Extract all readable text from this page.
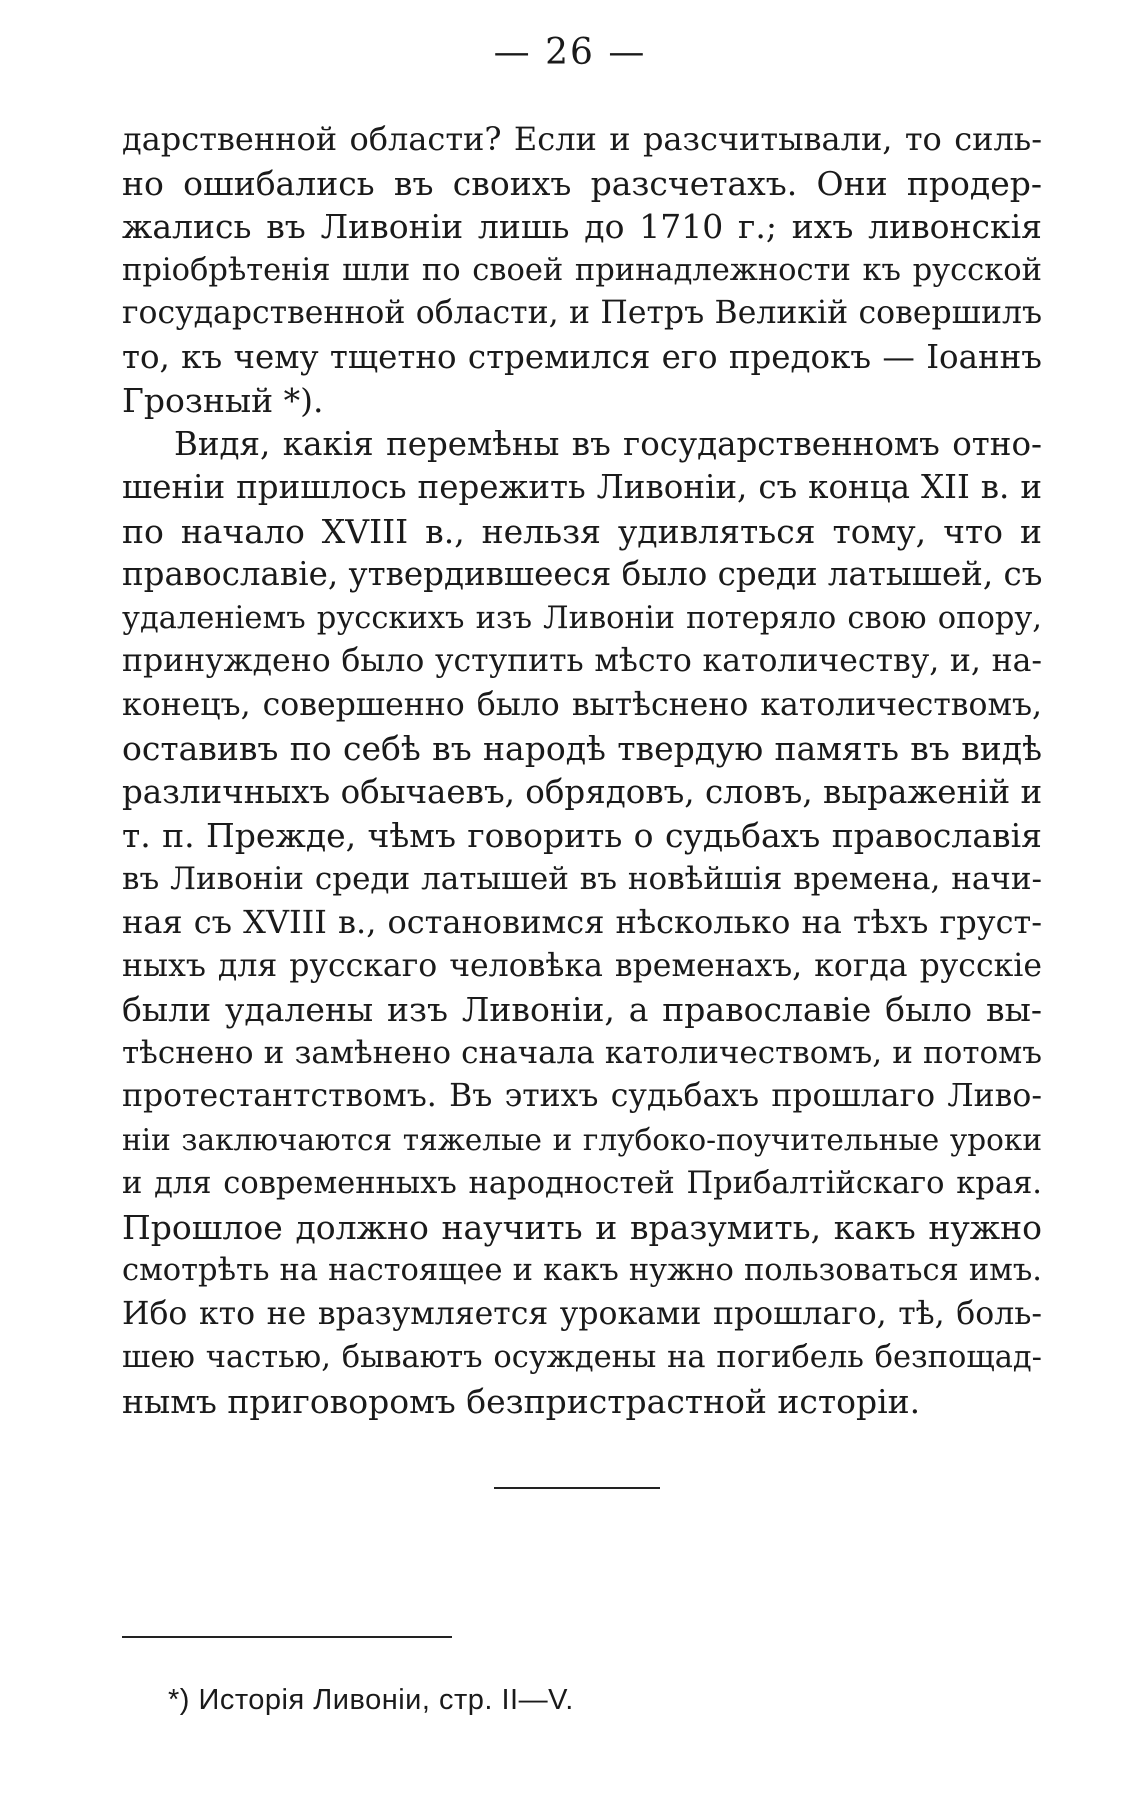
— 26 —
дарственной области? Если и разсчитывали, то силь-
но ошибались въ своихъ разсчетахъ. Они продер-
жались въ Ливоніи лишь до 1710 г.; ихъ ливонскія
пріобрѣтенія шли по своей принадлежности къ русской
государственной области, и Петръ Великій совершилъ
то, къ чему тщетно стремился его предокъ — Іоаннъ
Грозный *).
Видя, какія перемѣны въ государственномъ отно-
шеніи пришлось пережить Ливоніи, съ конца XII в. и
по начало XVIII в., нельзя удивляться тому, что и
православіе, утвердившееся было среди латышей, съ
удаленіемъ русскихъ изъ Ливоніи потеряло свою опору,
принуждено было уступить мѣсто католичеству, и, на-
конецъ, совершенно было вытѣснено католичествомъ,
оставивъ по себѣ въ народѣ твердую память въ видѣ
различныхъ обычаевъ, обрядовъ, словъ, выраженій и
т. п. Прежде, чѣмъ говорить о судьбахъ православія
въ Ливоніи среди латышей въ новѣйшія времена, начи-
ная съ XVIII в., остановимся нѣсколько на тѣхъ груст-
ныхъ для русскаго человѣка временахъ, когда русскіе
были удалены изъ Ливоніи, а православіе было вы-
тѣснено и замѣнено сначала католичествомъ, и потомъ
протестантствомъ. Въ этихъ судьбахъ прошлаго Ливо-
ніи заключаются тяжелые и глубоко-поучительные уроки
и для современныхъ народностей Прибалтійскаго края.
Прошлое должно научить и вразумить, какъ нужно
смотрѣть на настоящее и какъ нужно пользоваться имъ.
Ибо кто не вразумляется уроками прошлаго, тѣ, боль-
шею частью, бываютъ осуждены на погибель безпощад-
нымъ приговоромъ безпристрастной исторіи.
*) Исторія Ливоніи, стр. II—V.
